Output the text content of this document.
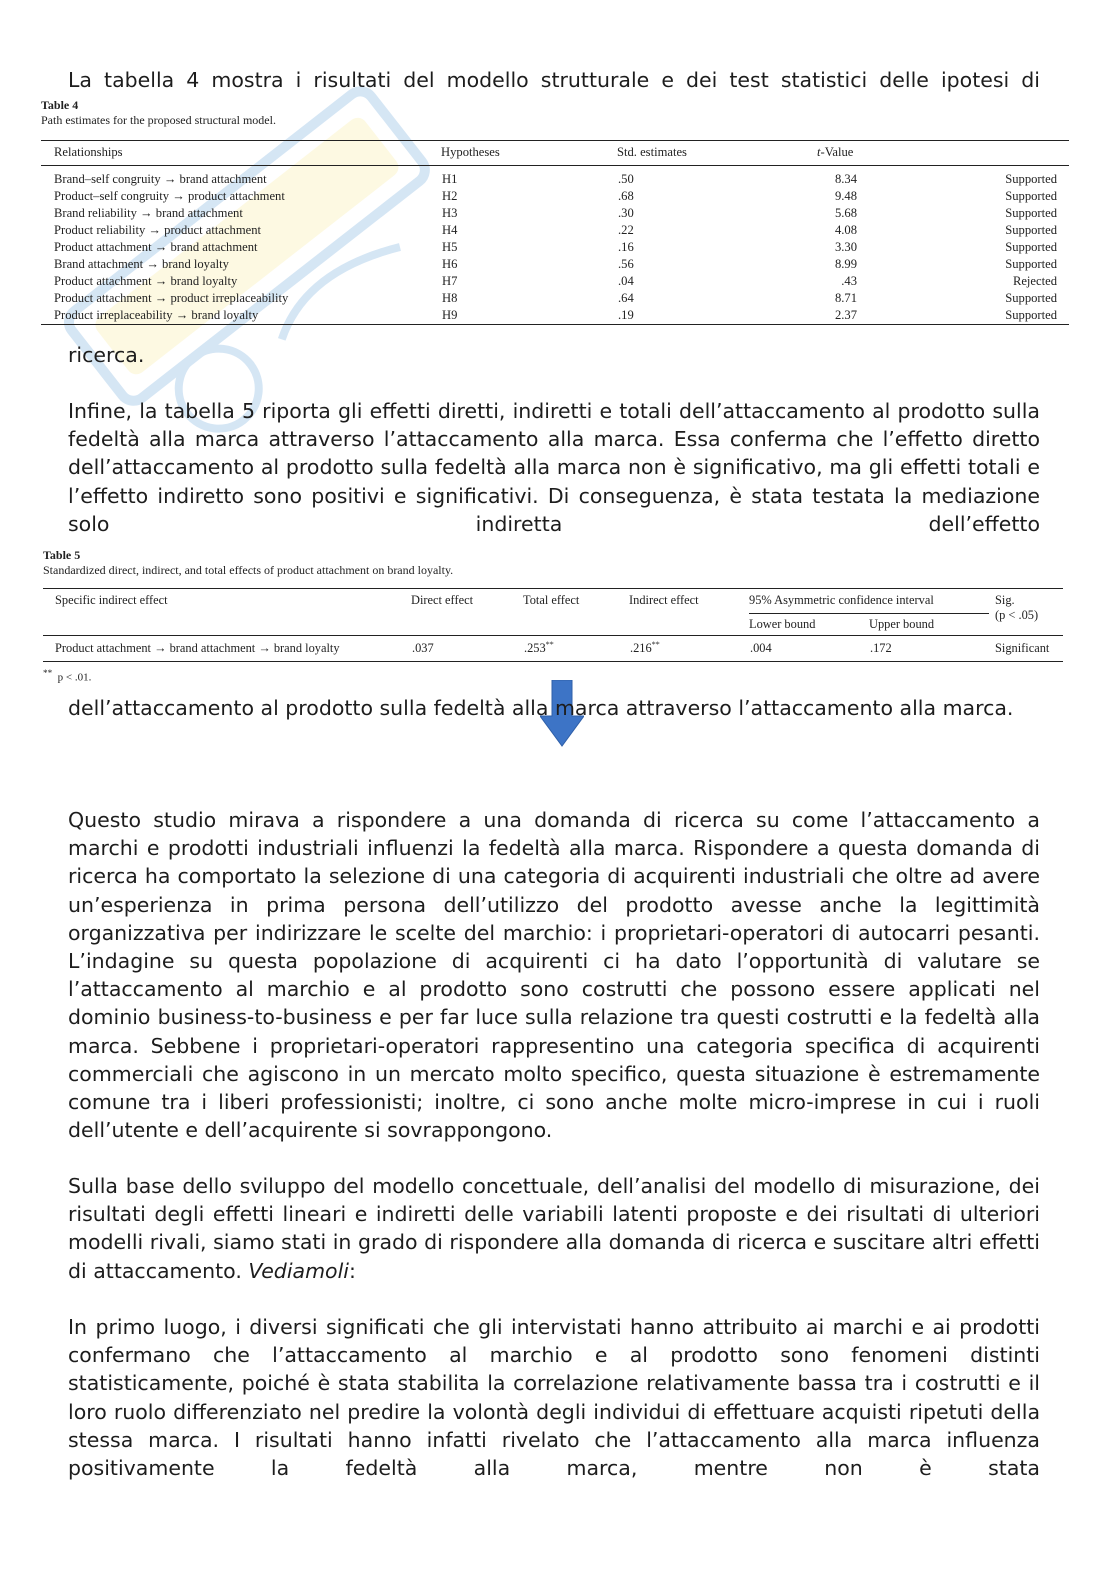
La tabella 4 mostra i risultati del modello strutturale e dei test statistici delle ipotesi di

Table 4
Path estimates for the proposed structural model.
Relationships	Hypotheses	Std. estimates	t-Value	
Brand–self congruity → brand attachment	H1	.50	8.34	Supported
Product–self congruity → product attachment	H2	.68	9.48	Supported
Brand reliability → brand attachment	H3	.30	5.68	Supported
Product reliability → product attachment	H4	.22	4.08	Supported
Product attachment → brand attachment	H5	.16	3.30	Supported
Brand attachment → brand loyalty	H6	.56	8.99	Supported
Product attachment → brand loyalty	H7	.04	.43	Rejected
Product attachment → product irreplaceability	H8	.64	8.71	Supported
Product irreplaceability → brand loyalty	H9	.19	2.37	Supported

ricerca.

Infine, la tabella 5 riporta gli effetti diretti, indiretti e totali dell’attaccamento al prodotto sulla fedeltà alla marca attraverso l’attaccamento alla marca. Essa conferma che l’effetto diretto dell’attaccamento al prodotto sulla fedeltà alla marca non è significativo, ma gli effetti totali e l’effetto indiretto sono positivi e significativi. Di conseguenza, è stata testata la mediazione solo indiretta dell’effetto

Table 5
Standardized direct, indirect, and total effects of product attachment on brand loyalty.
Specific indirect effect	Direct effect	Total effect	Indirect effect	95% Asymmetric confidence interval		Sig.
(p < .05)

				Lower bound	Upper bound	
Product attachment → brand attachment → brand loyalty	.037	.253**	.216**	.004	.172	Significant
** p < .01.

dell’attaccamento al prodotto sulla fedeltà alla marca attraverso l’attaccamento alla marca.

Questo studio mirava a rispondere a una domanda di ricerca su come l’attaccamento a marchi e prodotti industriali influenzi la fedeltà alla marca. Rispondere a questa domanda di ricerca ha comportato la selezione di una categoria di acquirenti industriali che oltre ad avere un’esperienza in prima persona dell’utilizzo del prodotto avesse anche la legittimità organizzativa per indirizzare le scelte del marchio: i proprietari-operatori di autocarri pesanti. L’indagine su questa popolazione di acquirenti ci ha dato l’opportunità di valutare se l’attaccamento al marchio e al prodotto sono costrutti che possono essere applicati nel dominio business-to-business e per far luce sulla relazione tra questi costrutti e la fedeltà alla marca. Sebbene i proprietari-operatori rappresentino una categoria specifica di acquirenti commerciali che agiscono in un mercato molto specifico, questa situazione è estremamente comune tra i liberi professionisti; inoltre, ci sono anche molte micro-imprese in cui i ruoli dell’utente e dell’acquirente si sovrappongono.

Sulla base dello sviluppo del modello concettuale, dell’analisi del modello di misurazione, dei risultati degli effetti lineari e indiretti delle variabili latenti proposte e dei risultati di ulteriori modelli rivali, siamo stati in grado di rispondere alla domanda di ricerca e suscitare altri effetti di attaccamento. Vediamoli:

In primo luogo, i diversi significati che gli intervistati hanno attribuito ai marchi e ai prodotti confermano che l’attaccamento al marchio e al prodotto sono fenomeni distinti statisticamente, poiché è stata stabilita la correlazione relativamente bassa tra i costrutti e il loro ruolo differenziato nel predire la volontà degli individui di effettuare acquisti ripetuti della stessa marca. I risultati hanno infatti rivelato che l’attaccamento alla marca influenza positivamente la fedeltà alla marca, mentre non è stata
